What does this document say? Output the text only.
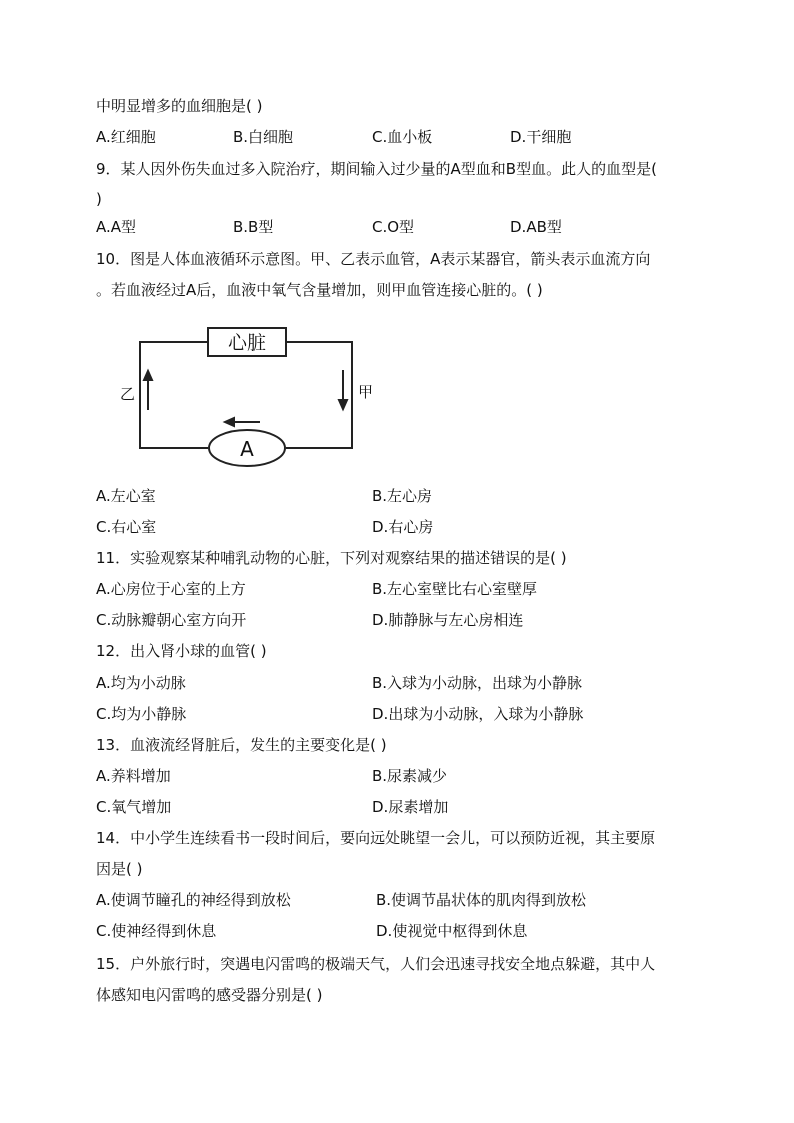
中明显增多的血细胞是( )
A.红细胞	B.白细胞	C.血小板	D.干细胞
9．某人因外伤失血过多入院治疗，期间输入过少量的A型血和B型血。此人的血型是(
)
A.A型	B.B型	C.O型	D.AB型
10．图是人体血液循环示意图。甲、乙表示血管，A表示某器官，箭头表示血流方向
。若血液经过A后，血液中氧气含量增加，则甲血管连接心脏的。( )
心脏
A
乙	甲
A.左心室	B.左心房
C.右心室	D.右心房
11．实验观察某种哺乳动物的心脏，下列对观察结果的描述错误的是( )
A.心房位于心室的上方	B.左心室壁比右心室壁厚
C.动脉瓣朝心室方向开	D.肺静脉与左心房相连
12．出入肾小球的血管( )
A.均为小动脉	B.入球为小动脉，出球为小静脉
C.均为小静脉	D.出球为小动脉，入球为小静脉
13．血液流经肾脏后，发生的主要变化是( )
A.养料增加	B.尿素减少
C.氧气增加	D.尿素增加
14．中小学生连续看书一段时间后，要向远处眺望一会儿，可以预防近视，其主要原
因是( )
A.使调节瞳孔的神经得到放松	B.使调节晶状体的肌肉得到放松
C.使神经得到休息	D.使视觉中枢得到休息
15．户外旅行时，突遇电闪雷鸣的极端天气，人们会迅速寻找安全地点躲避，其中人
体感知电闪雷鸣的感受器分别是( )
